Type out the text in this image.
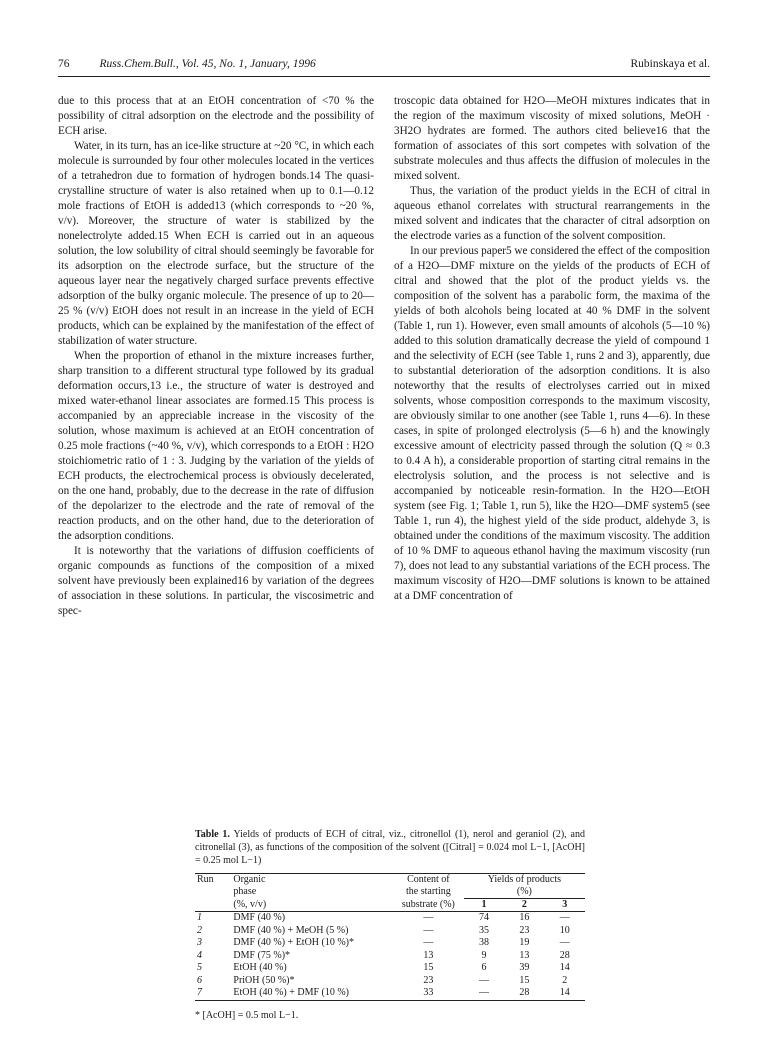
76	Russ.Chem.Bull., Vol. 45, No. 1, January, 1996	Rubinskaya et al.

due to this process that at an EtOH concentration of <70 % the possibility of citral adsorption on the electrode and the possibility of ECH arise.

Water, in its turn, has an ice-like structure at ~20 °C, in which each molecule is surrounded by four other molecules located in the vertices of a tetrahedron due to formation of hydrogen bonds.14 The quasi-crystalline structure of water is also retained when up to 0.1—0.12 mole fractions of EtOH is added13 (which corresponds to ~20 %, v/v). Moreover, the structure of water is stabilized by the nonelectrolyte added.15 When ECH is carried out in an aqueous solution, the low solubility of citral should seemingly be favorable for its adsorption on the electrode surface, but the structure of the aqueous layer near the negatively charged surface prevents effective adsorption of the bulky organic molecule. The presence of up to 20—25 % (v/v) EtOH does not result in an increase in the yield of ECH products, which can be explained by the manifestation of the effect of stabilization of water structure.

When the proportion of ethanol in the mixture increases further, sharp transition to a different structural type followed by its gradual deformation occurs,13 i.e., the structure of water is destroyed and mixed water-ethanol linear associates are formed.15 This process is accompanied by an appreciable increase in the viscosity of the solution, whose maximum is achieved at an EtOH concentration of 0.25 mole fractions (~40 %, v/v), which corresponds to a EtOH : H2O stoichiometric ratio of 1 : 3. Judging by the variation of the yields of ECH products, the electrochemical process is obviously decelerated, on the one hand, probably, due to the decrease in the rate of diffusion of the depolarizer to the electrode and the rate of removal of the reaction products, and on the other hand, due to the deterioration of the adsorption conditions.

It is noteworthy that the variations of diffusion coefficients of organic compounds as functions of the composition of a mixed solvent have previously been explained16 by variation of the degrees of association in these solutions. In particular, the viscosimetric and spec-

troscopic data obtained for H2O—MeOH mixtures indicates that in the region of the maximum viscosity of mixed solutions, MeOH · 3H2O hydrates are formed. The authors cited believe16 that the formation of associates of this sort competes with solvation of the substrate molecules and thus affects the diffusion of molecules in the mixed solvent.

Thus, the variation of the product yields in the ECH of citral in aqueous ethanol correlates with structural rearrangements in the mixed solvent and indicates that the character of citral adsorption on the electrode varies as a function of the solvent composition.

In our previous paper5 we considered the effect of the composition of a H2O—DMF mixture on the yields of the products of ECH of citral and showed that the plot of the product yields vs. the composition of the solvent has a parabolic form, the maxima of the yields of both alcohols being located at 40 % DMF in the solvent (Table 1, run 1). However, even small amounts of alcohols (5—10 %) added to this solution dramatically decrease the yield of compound 1 and the selectivity of ECH (see Table 1, runs 2 and 3), apparently, due to substantial deterioration of the adsorption conditions. It is also noteworthy that the results of electrolyses carried out in mixed solvents, whose composition corresponds to the maximum viscosity, are obviously similar to one another (see Table 1, runs 4—6). In these cases, in spite of prolonged electrolysis (5—6 h) and the knowingly excessive amount of electricity passed through the solution (Q ≈ 0.3 to 0.4 A h), a considerable proportion of starting citral remains in the electrolysis solution, and the process is not selective and is accompanied by noticeable resin-formation. In the H2O—EtOH system (see Fig. 1; Table 1, run 5), like the H2O—DMF system5 (see Table 1, run 4), the highest yield of the side product, aldehyde 3, is obtained under the conditions of the maximum viscosity. The addition of 10 % DMF to aqueous ethanol having the maximum viscosity (run 7), does not lead to any substantial variations of the ECH process. The maximum viscosity of H2O—DMF solutions is known to be attained at a DMF concentration of

Table 1. Yields of products of ECH of citral, viz., citronellol (1), nerol and geraniol (2), and citronellal (3), as functions of the composition of the solvent ([Citral] = 0.024 mol L−1, [AcOH] = 0.25 mol L−1)

Run	Organic	Content of	Yields of products		
	phase	the starting	(%)		
	(%, v/v)	substrate (%)	1	2	3
1	DMF (40 %)	—	74	16	—
2	DMF (40 %) + MeOH (5 %)	—	35	23	10
3	DMF (40 %) + EtOH (10 %)*	—	38	19	—
4	DMF (75 %)*	13	9	13	28
5	EtOH (40 %)	15	6	39	14
6	PriOH (50 %)*	23	—	15	2
7	EtOH (40 %) + DMF (10 %)	33	—	28	14

* [AcOH] = 0.5 mol L−1.
